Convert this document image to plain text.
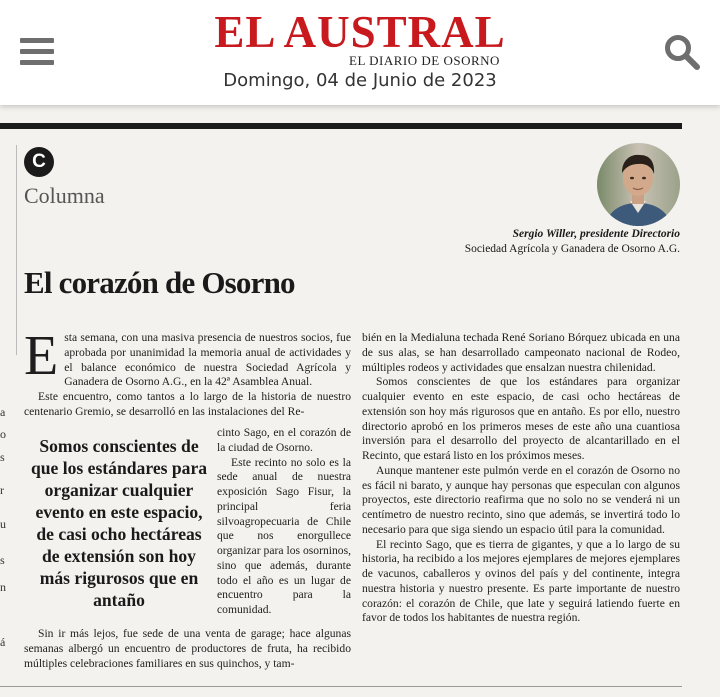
EL AUSTRAL
EL DIARIO DE OSORNO
Domingo, 04 de Junio de 2023
a
o
s
r
u
s
n
á
C
Columna
Sergio Willer, presidente Directorio
Sociedad Agrícola y Ganadera de Osorno A.G.
El corazón de Osorno

Esta semana, con una masiva presencia de nuestros socios, fue aprobada por unanimidad la memoria anual de actividades y el balance económico de nuestra Sociedad Agrícola y Ganadera de Osorno A.G., en la 42ª Asamblea Anual.

Este encuentro, como tantos a lo largo de la historia de nuestro centenario Gremio, se desarrolló en las instalaciones del Re-

Somos conscientes de que los estándares para organizar cualquier evento en este espacio, de casi ocho hectáreas de extensión son hoy más rigurosos que en antaño

cinto Sago, en el corazón de la ciudad de Osorno.

Este recinto no solo es la sede anual de nuestra exposición Sago Fisur, la principal feria silvoagropecuaria de Chile que nos enorgullece organizar para los osorninos, sino que además, durante todo el año es un lugar de encuentro para la comunidad.

Sin ir más lejos, fue sede de una venta de garage; hace algunas semanas albergó un encuentro de productores de fruta, ha recibido múltiples celebraciones familiares en sus quinchos, y tam-

bién en la Medialuna techada René Soriano Bórquez ubicada en una de sus alas, se han desarrollado campeonato nacional de Rodeo, múltiples rodeos y actividades que ensalzan nuestra chilenidad.

Somos conscientes de que los estándares para organizar cualquier evento en este espacio, de casi ocho hectáreas de extensión son hoy más rigurosos que en antaño. Es por ello, nuestro directorio aprobó en los primeros meses de este año una cuantiosa inversión para el desarrollo del proyecto de alcantarillado en el Recinto, que estará listo en los próximos meses.

Aunque mantener este pulmón verde en el corazón de Osorno no es fácil ni barato, y aunque hay personas que especulan con algunos proyectos, este directorio reafirma que no solo no se venderá ni un centímetro de nuestro recinto, sino que además, se invertirá todo lo necesario para que siga siendo un espacio útil para la comunidad.

El recinto Sago, que es tierra de gigantes, y que a lo largo de su historia, ha recibido a los mejores ejemplares de mejores ejemplares de vacunos, caballeros y ovinos del país y del continente, integra nuestra historia y nuestro presente. Es parte importante de nuestro corazón: el corazón de Chile, que late y seguirá latiendo fuerte en favor de todos los habitantes de nuestra región.
